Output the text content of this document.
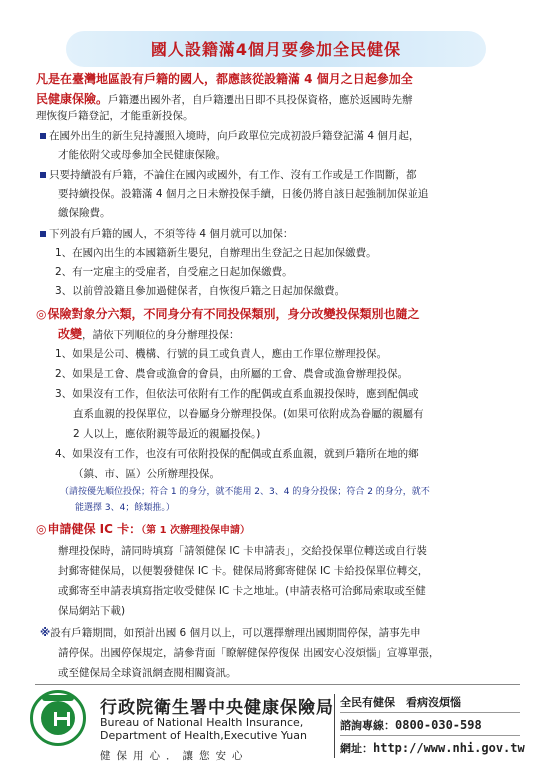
國人設籍滿4個月要參加全民健保
凡是在臺灣地區設有戶籍的國人，都應該從設籍滿 4 個月之日起參加全
民健康保險。戶籍遷出國外者，自戶籍遷出日即不具投保資格，應於返國時先辦
理恢復戶籍登記，才能重新投保。
在國外出生的新生兒持護照入境時，向戶政單位完成初設戶籍登記滿 4 個月起，
才能依附父或母參加全民健康保險。
只要持續設有戶籍，不論住在國內或國外，有工作、沒有工作或是工作間斷，都
要持續投保。設籍滿 4 個月之日未辦投保手續，日後仍將自該日起強制加保並追
繳保險費。
下列設有戶籍的國人，不須等待 4 個月就可以加保：
1、在國內出生的本國籍新生嬰兒，自辦理出生登記之日起加保繳費。
2、有一定雇主的受雇者，自受雇之日起加保繳費。
3、以前曾設籍且參加過健保者，自恢復戶籍之日起加保繳費。
◎保險對象分六類，不同身分有不同投保類別，身分改變投保類別也隨之
改變，請依下列順位的身分辦理投保：
1、如果是公司、機構、行號的員工或負責人，應由工作單位辦理投保。
2、如果是工會、農會或漁會的會員，由所屬的工會、農會或漁會辦理投保。
3、如果沒有工作，但依法可依附有工作的配偶或直系血親投保時，應到配偶或
直系血親的投保單位，以眷屬身分辦理投保。(如果可依附成為眷屬的親屬有
2 人以上，應依附親等最近的親屬投保。)
4、如果沒有工作，也沒有可依附投保的配偶或直系血親，就到戶籍所在地的鄉
（鎮、市、區）公所辦理投保。
（請按優先順位投保；符合 1 的身分，就不能用 2、3、4 的身分投保；符合 2 的身分，就不
能選擇 3、4；餘類推。）
◎申請健保 IC 卡：（第 1 次辦理投保申請）
辦理投保時，請同時填寫「請領健保 IC 卡申請表」，交給投保單位轉送或自行裝
封郵寄健保局，以便製發健保 IC 卡。健保局將郵寄健保 IC 卡給投保單位轉交，
或郵寄至申請表填寫指定收受健保 IC 卡之地址。(申請表格可洽郵局索取或至健
保局網站下載)
※設有戶籍期間，如預計出國 6 個月以上，可以選擇辦理出國期間停保，請事先申
請停保。出國停保規定，請參背面「瞭解健保停復保 出國安心沒煩惱」宣導單張，
或至健保局全球資訊網查閱相關資訊。
行政院衛生署中央健康保險局
Bureau of National Health Insurance,
Department of Health,Executive Yuan
健保用心．讓您安心
全民有健保　看病沒煩惱
諮詢專線：0800-030-598
網址：http://www.nhi.gov.tw
